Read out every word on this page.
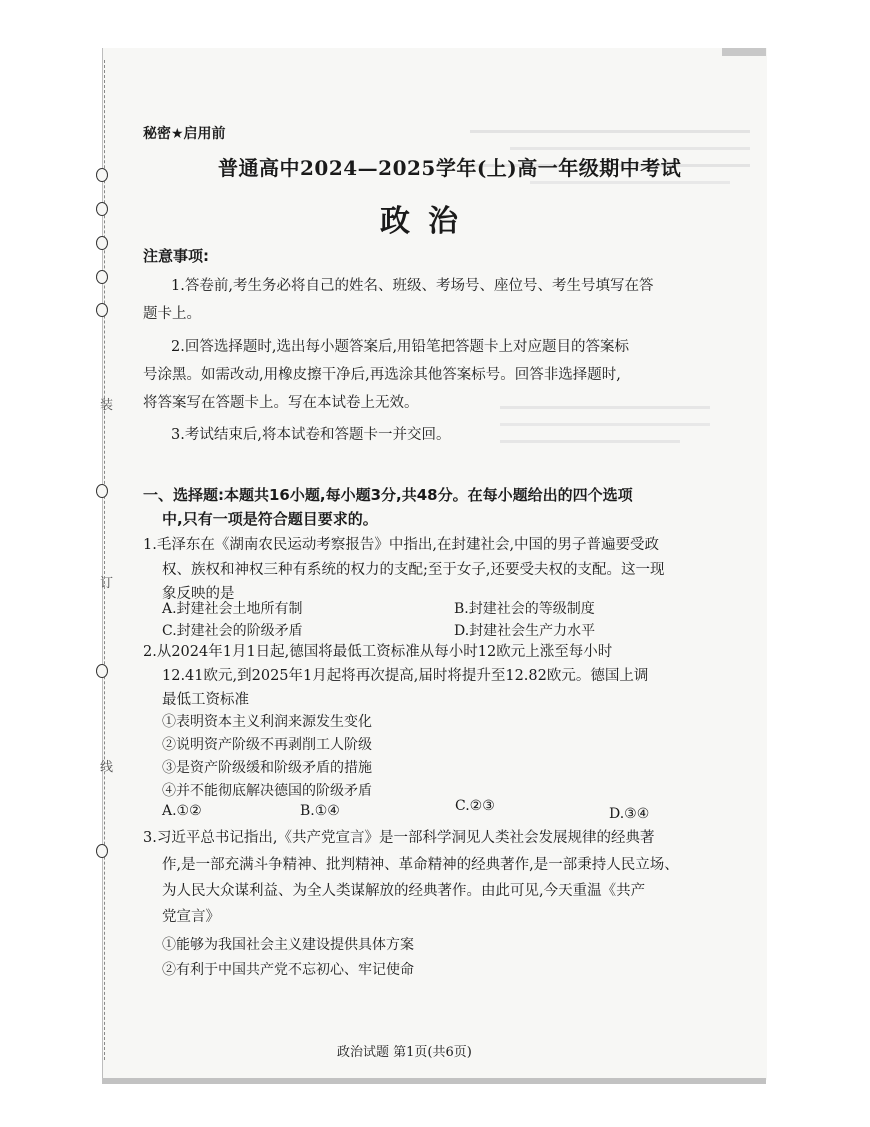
装
订
线
秘密★启用前
普通高中2024—2025学年(上)高一年级期中考试
政治
注意事项:
1.答卷前,考生务必将自己的姓名、班级、考场号、座位号、考生号填写在答
题卡上。
2.回答选择题时,选出每小题答案后,用铅笔把答题卡上对应题目的答案标
号涂黑。如需改动,用橡皮擦干净后,再选涂其他答案标号。回答非选择题时,
将答案写在答题卡上。写在本试卷上无效。
3.考试结束后,将本试卷和答题卡一并交回。
一、选择题:本题共16小题,每小题3分,共48分。在每小题给出的四个选项
中,只有一项是符合题目要求的。
1.毛泽东在《湖南农民运动考察报告》中指出,在封建社会,中国的男子普遍要受政
权、族权和神权三种有系统的权力的支配;至于女子,还要受夫权的支配。这一现
象反映的是
A.封建社会土地所有制	B.封建社会的等级制度
C.封建社会的阶级矛盾	D.封建社会生产力水平
2.从2024年1月1日起,德国将最低工资标准从每小时12欧元上涨至每小时
12.41欧元,到2025年1月起将再次提高,届时将提升至12.82欧元。德国上调
最低工资标准
①表明资本主义利润来源发生变化
②说明资产阶级不再剥削工人阶级
③是资产阶级缓和阶级矛盾的措施
④并不能彻底解决德国的阶级矛盾
A.①②	B.①④	C.②③	D.③④
3.习近平总书记指出,《共产党宣言》是一部科学洞见人类社会发展规律的经典著
作,是一部充满斗争精神、批判精神、革命精神的经典著作,是一部秉持人民立场、
为人民大众谋利益、为全人类谋解放的经典著作。由此可见,今天重温《共产
党宣言》
①能够为我国社会主义建设提供具体方案
②有利于中国共产党不忘初心、牢记使命
政治试题 第1页(共6页)
